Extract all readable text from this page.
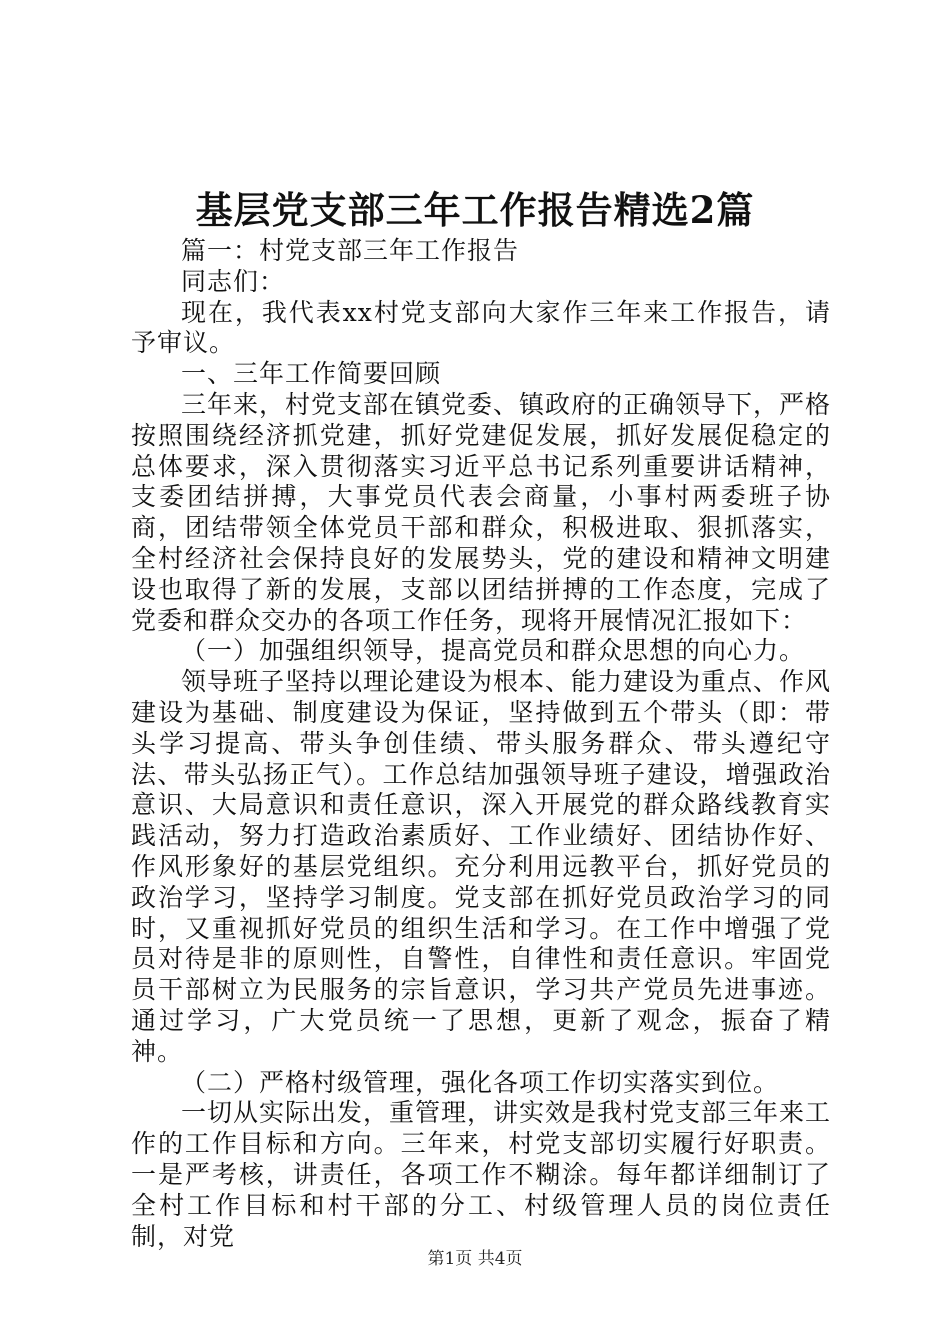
基层党支部三年工作报告精选2篇

篇一：村党支部三年工作报告

同志们：

现在，我代表xx村党支部向大家作三年来工作报告，请予审议。

一、三年工作简要回顾

三年来，村党支部在镇党委、镇政府的正确领导下，严格按照围绕经济抓党建，抓好党建促发展，抓好发展促稳定的总体要求，深入贯彻落实习近平总书记系列重要讲话精神，支委团结拼搏，大事党员代表会商量，小事村两委班子协商，团结带领全体党员干部和群众，积极进取、狠抓落实，全村经济社会保持良好的发展势头，党的建设和精神文明建设也取得了新的发展，支部以团结拼搏的工作态度，完成了党委和群众交办的各项工作任务，现将开展情况汇报如下：

（一）加强组织领导，提高党员和群众思想的向心力。

领导班子坚持以理论建设为根本、能力建设为重点、作风建设为基础、制度建设为保证，坚持做到五个带头（即：带头学习提高、带头争创佳绩、带头服务群众、带头遵纪守法、带头弘扬正气）。工作总结加强领导班子建设，增强政治意识、大局意识和责任意识，深入开展党的群众路线教育实践活动，努力打造政治素质好、工作业绩好、团结协作好、作风形象好的基层党组织。充分利用远教平台，抓好党员的政治学习，坚持学习制度。党支部在抓好党员政治学习的同时，又重视抓好党员的组织生活和学习。在工作中增强了党员对待是非的原则性，自警性，自律性和责任意识。牢固党员干部树立为民服务的宗旨意识，学习共产党员先进事迹。通过学习，广大党员统一了思想，更新了观念，振奋了精神。

（二）严格村级管理，强化各项工作切实落实到位。

一切从实际出发，重管理，讲实效是我村党支部三年来工作的工作目标和方向。三年来，村党支部切实履行好职责。一是严考核，讲责任，各项工作不糊涂。每年都详细制订了全村工作目标和村干部的分工、村级管理人员的岗位责任制，对党

第1页 共4页
